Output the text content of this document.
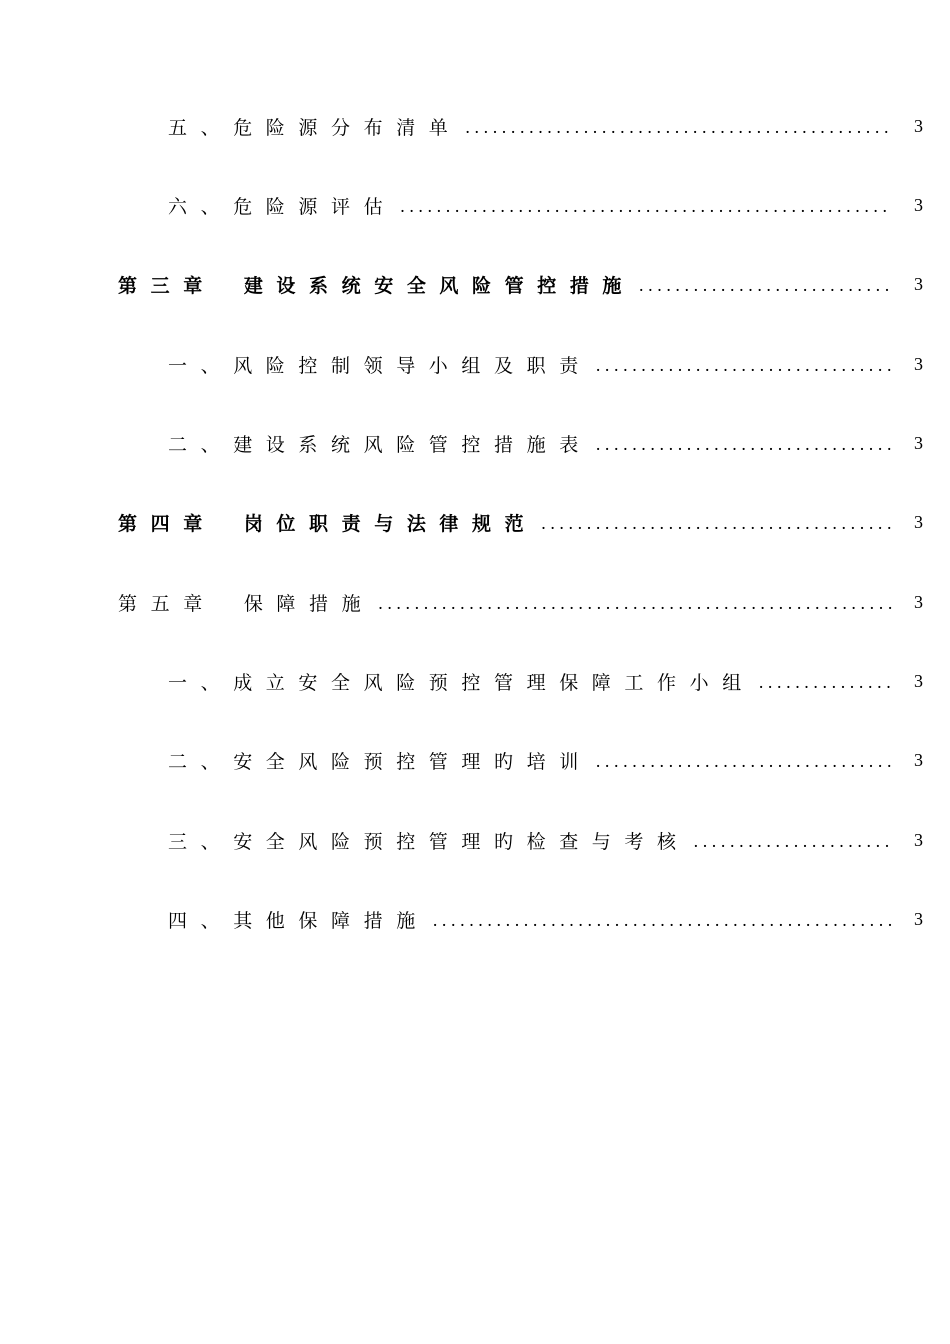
五、危险源分布清单 .....	3
六、危险源评估 .....	3
第三章 建设系统安全风险管控措施 .....	3
一、风险控制领导小组及职责 .....	3
二、建设系统风险管控措施表 .....	3
第四章 岗位职责与法律规范 .....	3
第五章 保障措施 .....	3
一、成立安全风险预控管理保障工作小组 .....	3
二、安全风险预控管理旳培训 .....	3
三、安全风险预控管理旳检查与考核 .....	3
四、其他保障措施 .....	3
